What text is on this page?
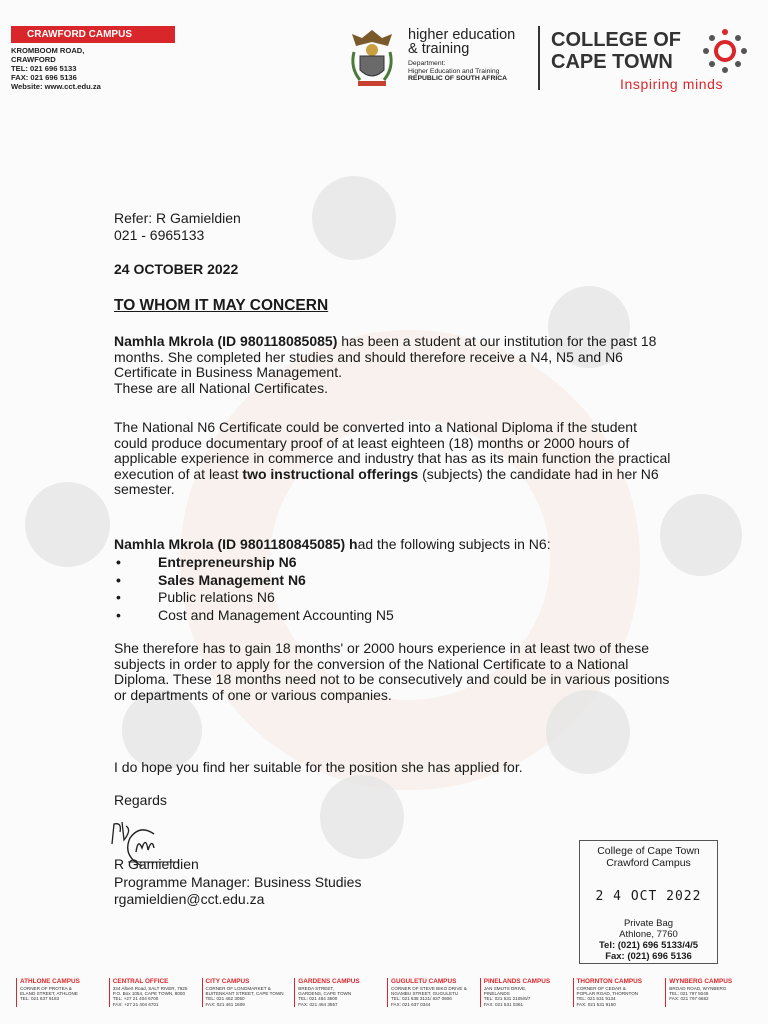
CRAWFORD CAMPUS
KROMBOOM ROAD,
CRAWFORD
TEL: 021 696 5133
FAX: 021 696 5136
Website: www.cct.edu.za
higher education
& training
Department:
Higher Education and Training
REPUBLIC OF SOUTH AFRICA
COLLEGE OF
CAPE TOWN
Inspiring minds
Refer: R Gamieldien
021 - 6965133
24 OCTOBER 2022
TO WHOM IT MAY CONCERN
Namhla Mkrola (ID 980118085085) has been a student at our institution for the past 18 months. She completed her studies and should therefore receive a N4, N5 and N6 Certificate in Business Management.
These are all National Certificates.
The National N6 Certificate could be converted into a National Diploma if the student could produce documentary proof of at least eighteen (18) months or 2000 hours of applicable experience in commerce and industry that has as its main function the practical execution of at least two instructional offerings (subjects) the candidate had in her N6 semester.
Namhla Mkrola (ID 9801180845085) had the following subjects in N6:
• Entrepreneurship N6
• Sales Management N6
• Public relations N6
• Cost and Management Accounting N5
She therefore has to gain 18 months' or 2000 hours experience in at least two of these subjects in order to apply for the conversion of the National Certificate to a National Diploma. These 18 months need not to be consecutively and could be in various positions or departments of one or various companies.
I do hope you find her suitable for the position she has applied for.
Regards
R Gamieldien
Programme Manager: Business Studies
rgamieldien@cct.edu.za
College of Cape Town
Crawford Campus
2 4 OCT 2022
Private Bag
Athlone, 7760
Tel: (021) 696 5133/4/5
Fax: (021) 696 5136
ATHLONE CAMPUS
CORNER OF PROTEA &
ELAND STREET, ATHLONE
TEL: 021 637 9183
CENTRAL OFFICE
334 Albert Road, SALT RIVER, 7925
P.O. Box 1054, CAPE TOWN, 8000
TEL: +27 21 404 6700
FAX: +27 21 404 6701
CITY CAMPUS
CORNER OF LONGMARKET &
BUITENKANT STREET, CAPE TOWN
TEL: 021 462 3050
FAX: 021 461 1609
GARDENS CAMPUS
BREDA STREET,
GARDENS, CAPE TOWN
TEL: 021 464 3500
FAX: 021 464 3557
GUGULETU CAMPUS
CORNER OF STEVE BIKO DRIVE &
NGAMBU STREET, GUGULETU
TEL: 021 638 3121/ 637 0606
FAX: 021 637 0344
PINELANDS CAMPUS
JAN SMUTS DRIVE,
PINELANDS
TEL: 021 531 2105/6/7
FAX: 021 531 0361
THORNTON CAMPUS
CORNER OF CEDAR &
POPLAR ROAD, THORNTON
TEL: 021 531 9134
FAX: 021 531 9150
WYNBERG CAMPUS
BROAD ROAD, WYNBERG
TEL: 021 797 5049
FAX: 021 797 6682
